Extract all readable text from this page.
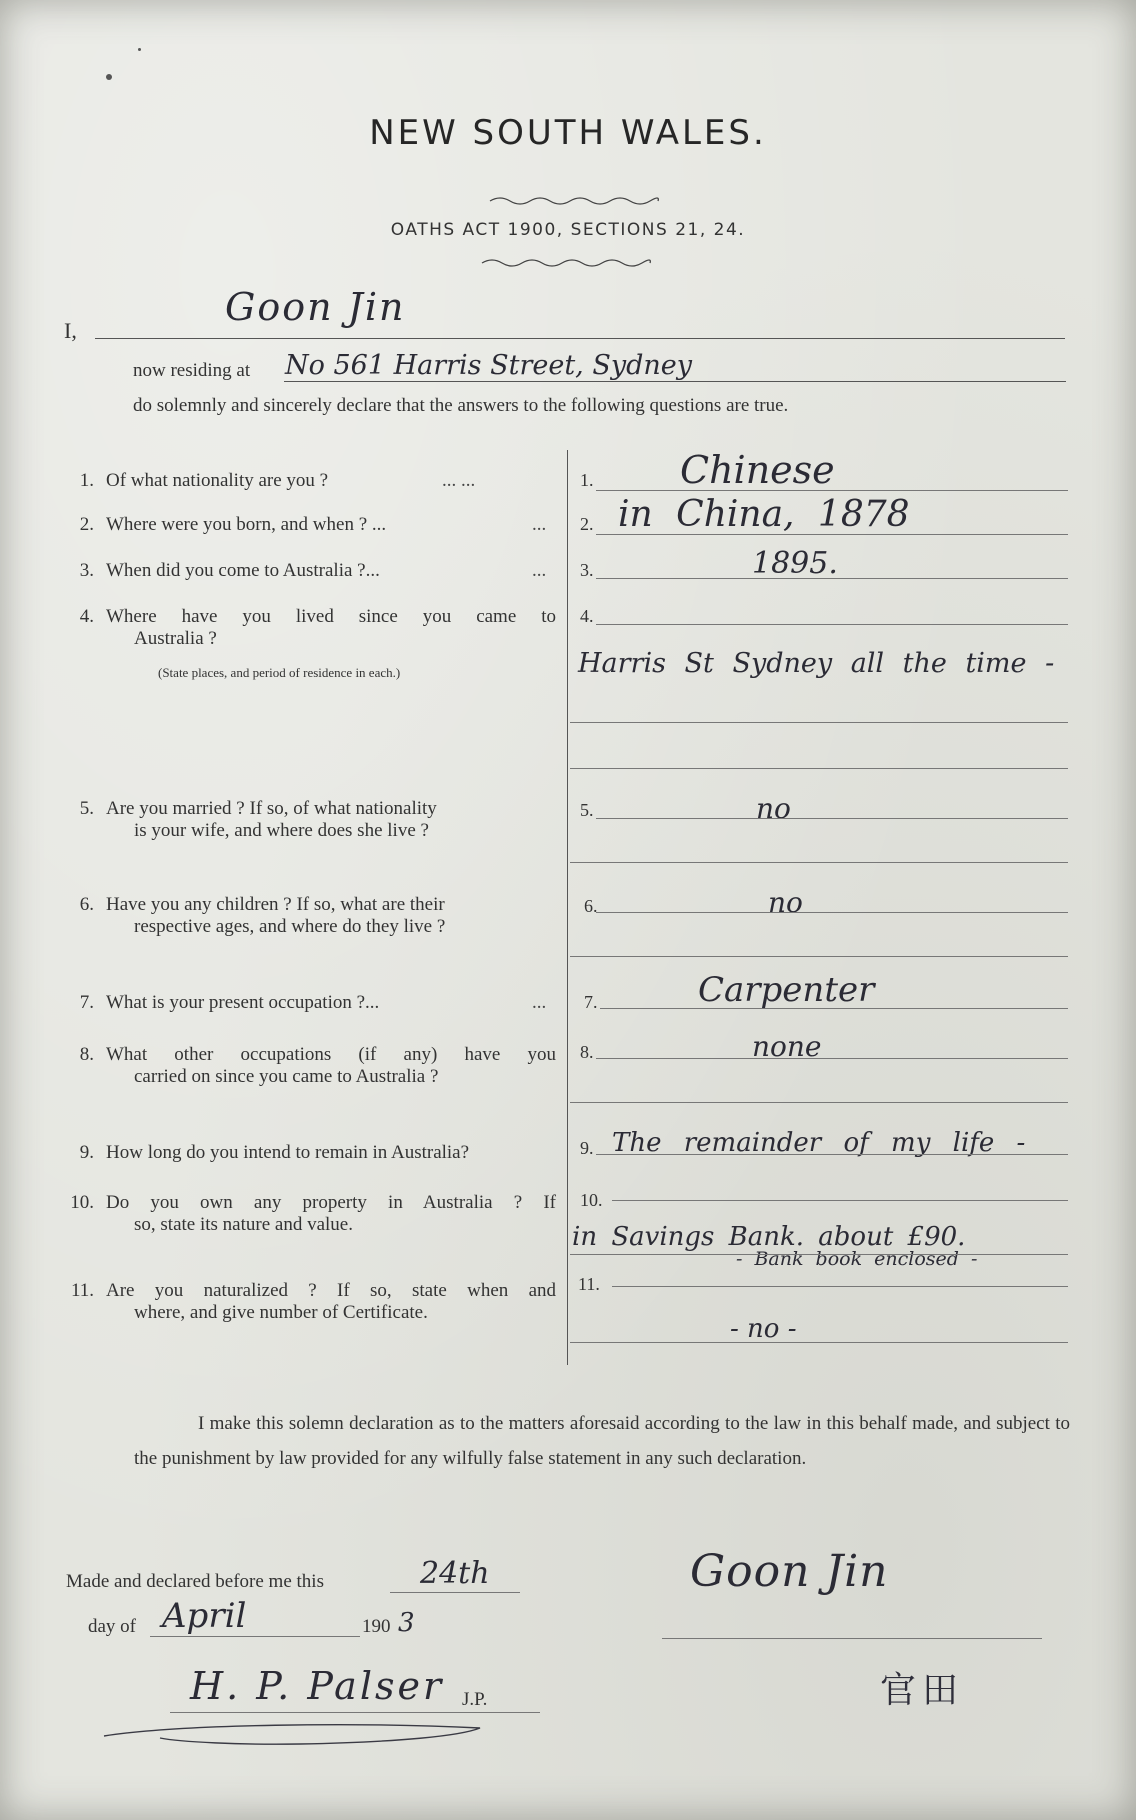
NEW SOUTH WALES.
OATHS ACT 1900, SECTIONS 21, 24.
I,
Goon Jin
now residing at No 561 Harris Street, Sydney
do solemnly and sincerely declare that the answers to the following questions are true.
1. Of what nationality are you ?	... ...	1. Chinese
2. Where were you born, and when ? ...	... 2. in China, 1878
3. When did you come to Australia ?...	... 3.	1895.
4. Where have you lived since you came to
Australia ?
(State places, and period of residence in each.)
4.
Harris St Sydney all the time -
5. Are you married ? If so, of what nationality
is your wife, and where does she live ?
5.	no
6. Have you any children ? If so, what are their
respective ages, and where do they live ?
6.	no
7. What is your present occupation ?...	... 7.	Carpenter
8. What other occupations (if any) have you
carried on since you came to Australia ?
8.	none
9. How long do you intend to remain in Australia?	9. The remainder of my life -
10. Do you own any property in Australia ? If
so, state its nature and value.
10.
in Savings Bank. about £90.
- Bank book enclosed -
11. Are you naturalized ? If so, state when and
where, and give number of Certificate.
11.
- no -
I make this solemn declaration as to the matters aforesaid according to the law in this behalf made, and subject to the punishment by law provided for any wilfully false statement in any such declaration.
Made and declared before me this	24th
day of April	190 3
H. P. Palser J.P.
Goon Jin
官田
